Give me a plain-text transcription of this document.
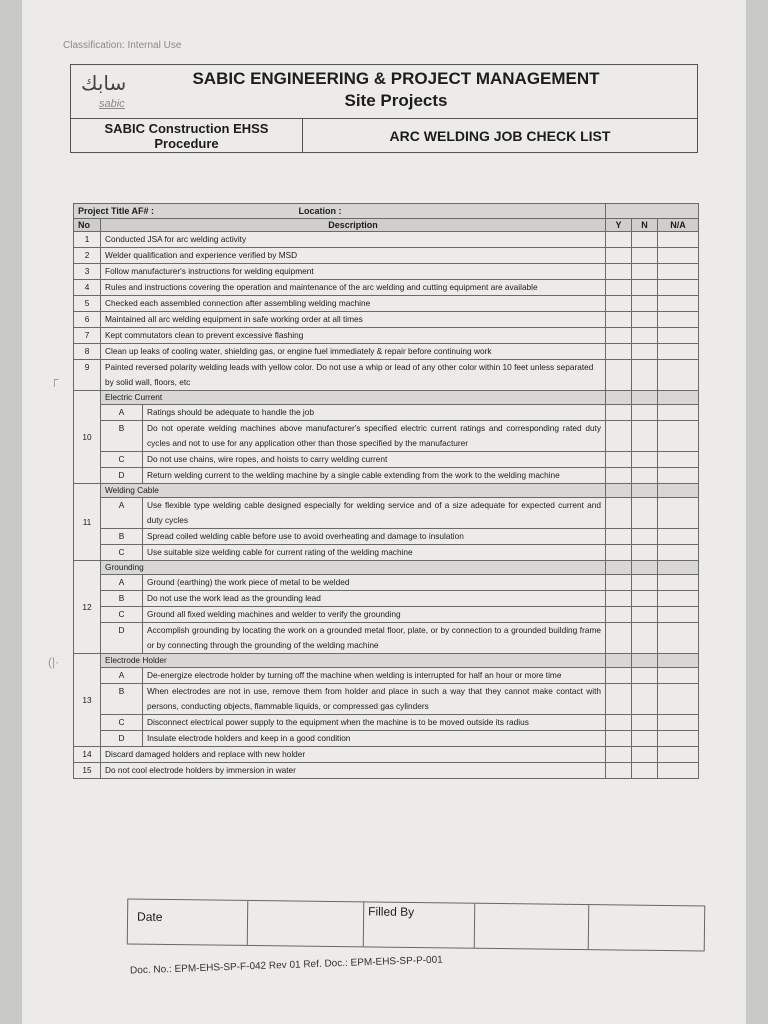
Classification: Internal Use
سابك
sabic
SABIC ENGINEERING & PROJECT MANAGEMENT
Site Projects
SABIC Construction EHSS
Procedure	ARC WELDING JOB CHECK LIST
┌
(|·
Project Title AF# : Location :					
No	Description		Y	N	N/A
1	Conducted JSA for arc welding activity				
2	Welder qualification and experience verified by MSD				
3	Follow manufacturer's instructions for welding equipment				
4	Rules and instructions covering the operation and maintenance of the arc welding and cutting equipment are available				
5	Checked each assembled connection after assembling welding machine				
6	Maintained all arc welding equipment in safe working order at all times				
7	Kept commutators clean to prevent excessive flashing				
8	Clean up leaks of cooling water, shielding gas, or engine fuel immediately & repair before continuing work				
9	Painted reversed polarity welding leads with yellow color. Do not use a whip or lead of any other color within 10 feet unless separated by solid wall, floors, etc				
10	Electric Current				
	A	Ratings should be adequate to handle the job			
	B	Do not operate welding machines above manufacturer's specified electric current ratings and corresponding rated duty cycles and not to use for any application other than those specified by the manufacturer			
	C	Do not use chains, wire ropes, and hoists to carry welding current			
	D	Return welding current to the welding machine by a single cable extending from the work to the welding machine			
11	Welding Cable				
	A	Use flexible type welding cable designed especially for welding service and of a size adequate for expected current and duty cycles			
	B	Spread coiled welding cable before use to avoid overheating and damage to insulation			
	C	Use suitable size welding cable for current rating of the welding machine			
12	Grounding				
	A	Ground (earthing) the work piece of metal to be welded			
	B	Do not use the work lead as the grounding lead			
	C	Ground all fixed welding machines and welder to verify the grounding			
	D	Accomplish grounding by locating the work on a grounded metal floor, plate, or by connection to a grounded building frame or by connecting through the grounding of the welding machine			
13	Electrode Holder				
	A	De-energize electrode holder by turning off the machine when welding is interrupted for half an hour or more time			
	B	When electrodes are not in use, remove them from holder and place in such a way that they cannot make contact with persons, conducting objects, flammable liquids, or compressed gas cylinders			
	C	Disconnect electrical power supply to the equipment when the machine is to be moved outside its radius			
	D	Insulate electrode holders and keep in a good condition			
14	Discard damaged holders and replace with new holder				
15	Do not cool electrode holders by immersion in water				
Date	Filled By
Doc. No.: EPM-EHS-SP-F-042 Rev 01 Ref. Doc.: EPM-EHS-SP-P-001
